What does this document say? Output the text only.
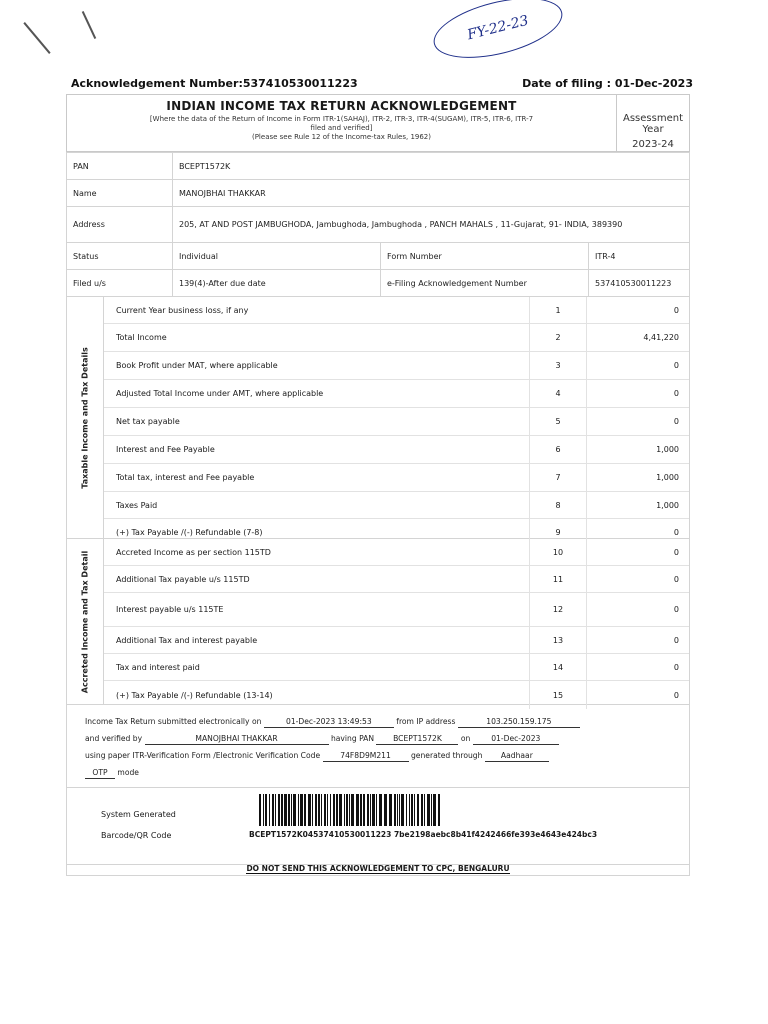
FY-22-23
Acknowledgement Number:537410530011223	Date of filing : 01-Dec-2023
INDIAN INCOME TAX RETURN ACKNOWLEDGEMENT
[Where the data of the Return of Income in Form ITR-1(SAHAJ), ITR-2, ITR-3, ITR-4(SUGAM), ITR-5, ITR-6, ITR-7
filed and verified]
(Please see Rule 12 of the Income-tax Rules, 1962)

Assessment Year
2023-24
PAN	BCEPT1572K		
Name	MANOJBHAI THAKKAR		
Address	205, AT AND POST JAMBUGHODA, Jambughoda, Jambughoda , PANCH MAHALS , 11-Gujarat, 91- INDIA, 389390		
Status	Individual	Form Number	ITR-4
Filed u/s	139(4)-After due date	e-Filing Acknowledgement Number	537410530011223
Taxable Income and Tax Details
Current Year business loss, if any	1	0
Total Income	2	4,41,220
Book Profit under MAT, where applicable	3	0
Adjusted Total Income under AMT, where applicable	4	0
Net tax payable	5	0
Interest and Fee Payable	6	1,000
Total tax, interest and Fee payable	7	1,000
Taxes Paid	8	1,000
(+) Tax Payable /(-) Refundable (7-8)	9	0
Accreted Income and Tax Detail	Accreted Income as per section 115TD	10	0
Additional Tax payable u/s 115TD	11	0
Interest payable u/s 115TE	12	0
Additional Tax and interest payable	13	0
Tax and interest paid	14	0
(+) Tax Payable /(-) Refundable (13-14)	15	0
Income Tax Return submitted electronically on	01-Dec-2023 13:49:53	from IP address	103.250.159.175
and verified by	MANOJBHAI THAKKAR	having PAN	BCEPT1572K	on	01-Dec-2023
using paper ITR-Verification Form /Electronic Verification Code	74F8D9M211	generated through Aadhaar
OTP mode
System Generated
Barcode/QR Code	BCEPT1572K04537410530011223 7be2198aebc8b41f4242466fe393e4643e424bc3
DO NOT SEND THIS ACKNOWLEDGEMENT TO CPC, BENGALURU
